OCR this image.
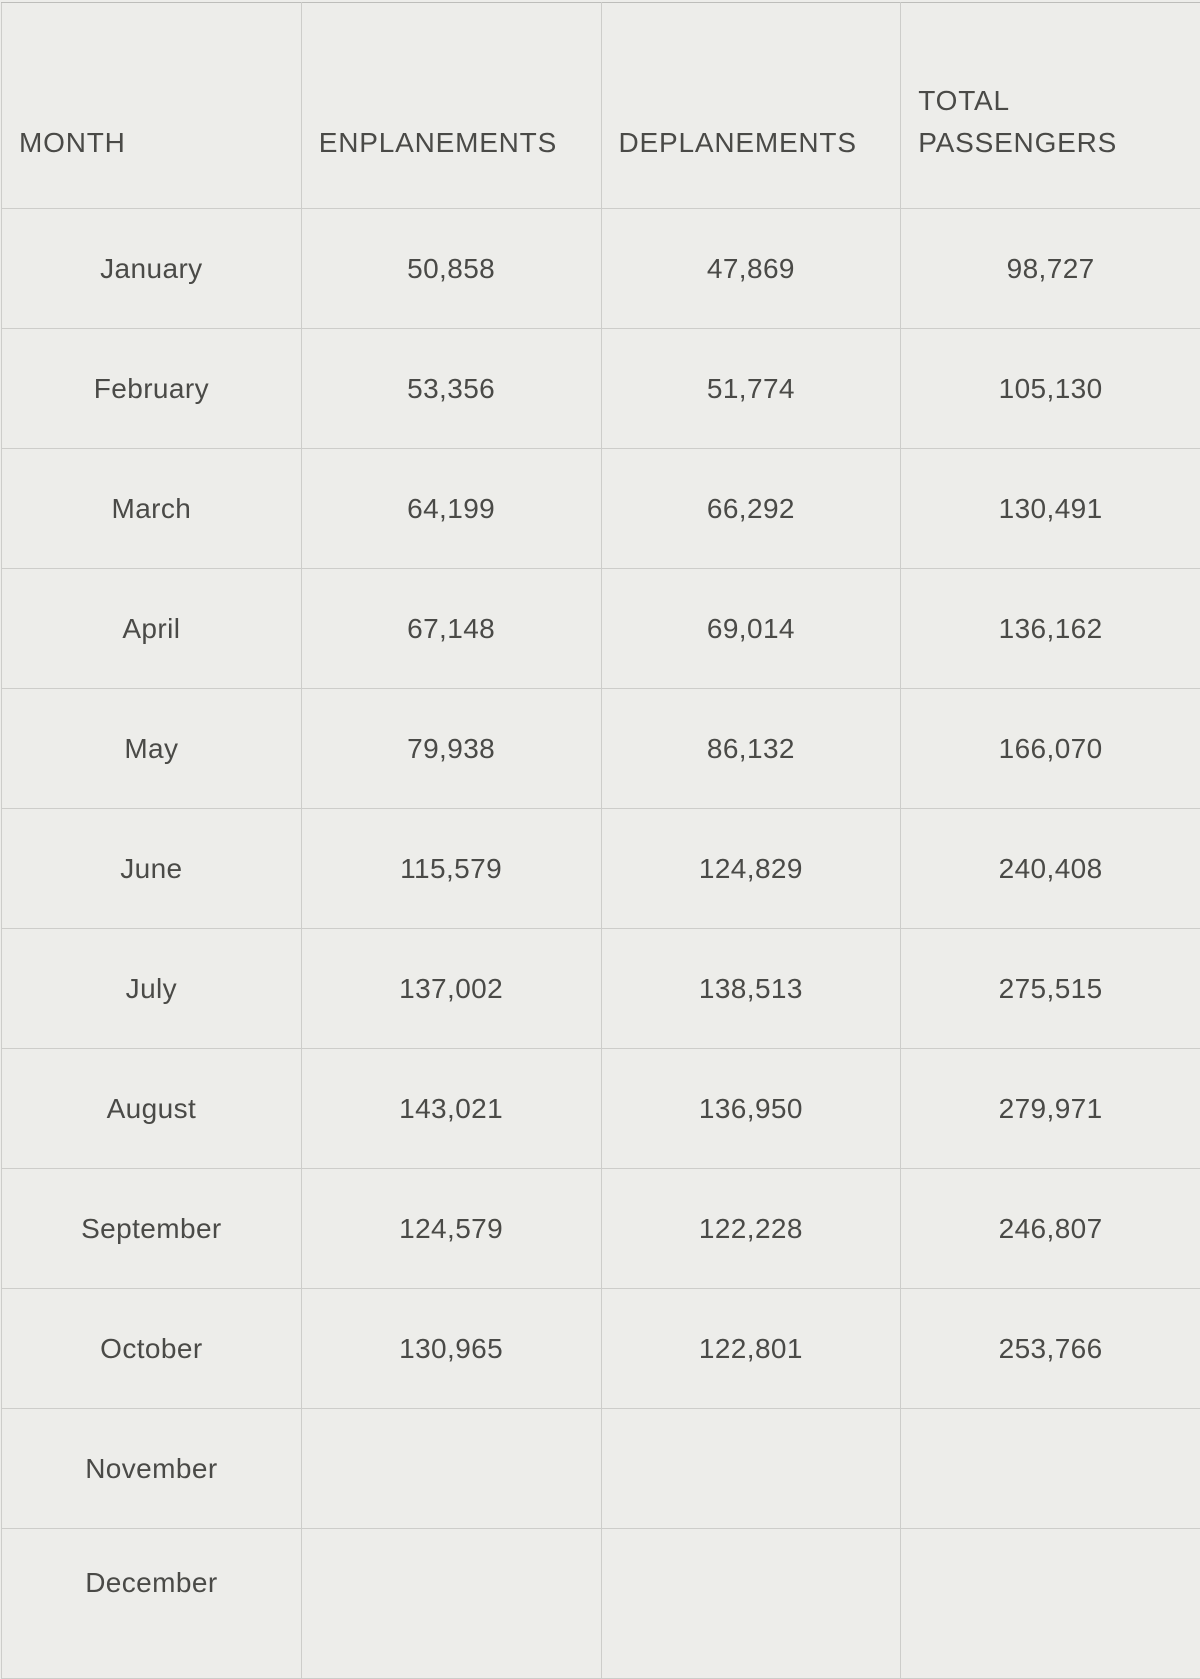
MONTH	ENPLANEMENTS	DEPLANEMENTS	TOTAL PASSENGERS
January	50,858	47,869	98,727
February	53,356	51,774	105,130
March	64,199	66,292	130,491
April	67,148	69,014	136,162
May	79,938	86,132	166,070
June	115,579	124,829	240,408
July	137,002	138,513	275,515
August	143,021	136,950	279,971
September	124,579	122,228	246,807
October	130,965	122,801	253,766
November			
December			
